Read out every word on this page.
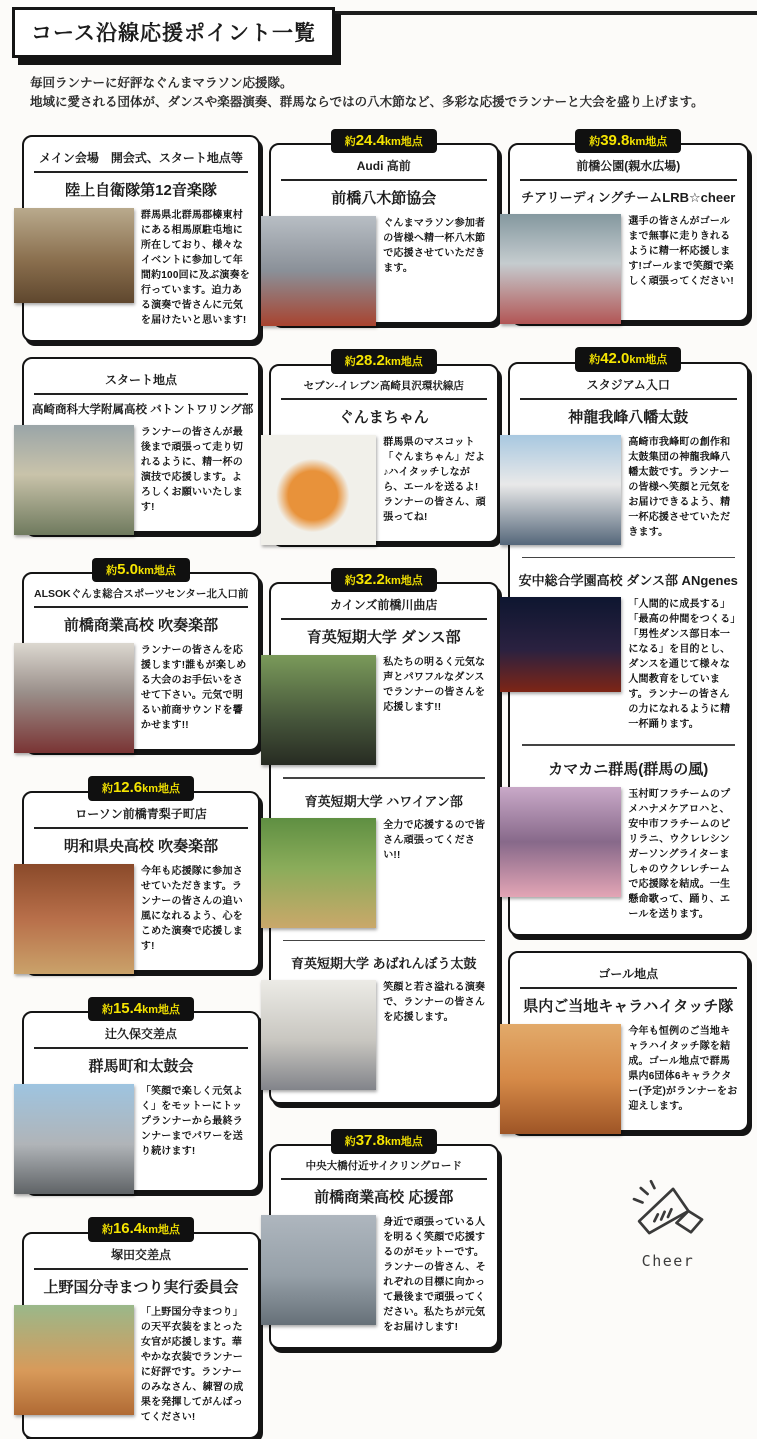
コース沿線応援ポイント一覧
毎回ランナーに好評なぐんまマラソン応援隊。
地域に愛される団体が、ダンスや楽器演奏、群馬ならではの八木節など、多彩な応援でランナーと大会を盛り上げます。
メイン会場　開会式、スタート地点等
陸上自衛隊第12音楽隊

群馬県北群馬郡榛東村にある相馬原駐屯地に所在しており、様々なイベントに参加して年間約100回に及ぶ演奏を行っています。迫力ある演奏で皆さんに元気を届けたいと思います!

スタート地点
高崎商科大学附属高校 バトントワリング部

ランナーの皆さんが最後まで頑張って走り切れるように、精一杯の演技で応援します。よろしくお願いいたします!

約5.0km地点
ALSOKぐんま総合スポーツセンター北入口前
前橋商業高校 吹奏楽部

ランナーの皆さんを応援します!誰もが楽しめる大会のお手伝いをさせて下さい。元気で明るい前商サウンドを響かせます!!

約12.6km地点
ローソン前橋青梨子町店
明和県央高校 吹奏楽部

今年も応援隊に参加させていただきます。ランナーの皆さんの追い風になれるよう、心をこめた演奏で応援します!

約15.4km地点
辻久保交差点
群馬町和太鼓会

「笑顔で楽しく元気よく」をモットーにトップランナーから最終ランナーまでパワーを送り続けます!

約16.4km地点
塚田交差点
上野国分寺まつり実行委員会

「上野国分寺まつり」の天平衣装をまとった女官が応援します。華やかな衣装でランナーに好評です。ランナーのみなさん、練習の成果を発揮してがんばってください!

約24.4km地点
Audi 高前
前橋八木節協会

ぐんまマラソン参加者の皆様へ精一杯八木節で応援させていただきます。

約28.2km地点
セブン-イレブン高崎貝沢環状線店
ぐんまちゃん

群馬県のマスコット「ぐんまちゃん」だよ♪ハイタッチしながら、エールを送るよ!ランナーの皆さん、頑張ってね!

約32.2km地点
カインズ前橋川曲店
育英短期大学 ダンス部

私たちの明るく元気な声とパワフルなダンスでランナーの皆さんを応援します!!

育英短期大学 ハワイアン部

全力で応援するので皆さん頑張ってください!!

育英短期大学 あばれんぼう太鼓

笑顔と若さ溢れる演奏で、ランナーの皆さんを応援します。

約37.8km地点
中央大橋付近サイクリングロード
前橋商業高校 応援部

身近で頑張っている人を明るく笑顔で応援するのがモットーです。ランナーの皆さん、それぞれの目標に向かって最後まで頑張ってください。私たちが元気をお届けします!

約39.8km地点
前橋公園(親水広場)
チアリーディングチームLRB☆cheer

選手の皆さんがゴールまで無事に走りきれるように精一杯応援します!ゴールまで笑顔で楽しく頑張ってください!

約42.0km地点
スタジアム入口
神龍我峰八幡太鼓

高崎市我峰町の創作和太鼓集団の神龍我峰八幡太鼓です。ランナーの皆様へ笑顔と元気をお届けできるよう、精一杯応援させていただきます。

安中総合学園高校 ダンス部 ANgenes

「人間的に成長する」「最高の仲間をつくる」「男性ダンス部日本一になる」を目的とし、ダンスを通じて様々な人間教育をしています。ランナーの皆さんの力になれるように精一杯踊ります。

カマカニ群馬(群馬の風)

玉村町フラチームのプメハナメケアロハと、安中市フラチームのピリラニ、ウクレレシンガーソングライターましゃのウクレレチームで応援隊を結成。一生懸命歌って、踊り、エールを送ります。

ゴール地点
県内ご当地キャラハイタッチ隊

今年も恒例のご当地キャラハイタッチ隊を結成。ゴール地点で群馬県内6団体6キャラクター(予定)がランナーをお迎えします。

Cheer
